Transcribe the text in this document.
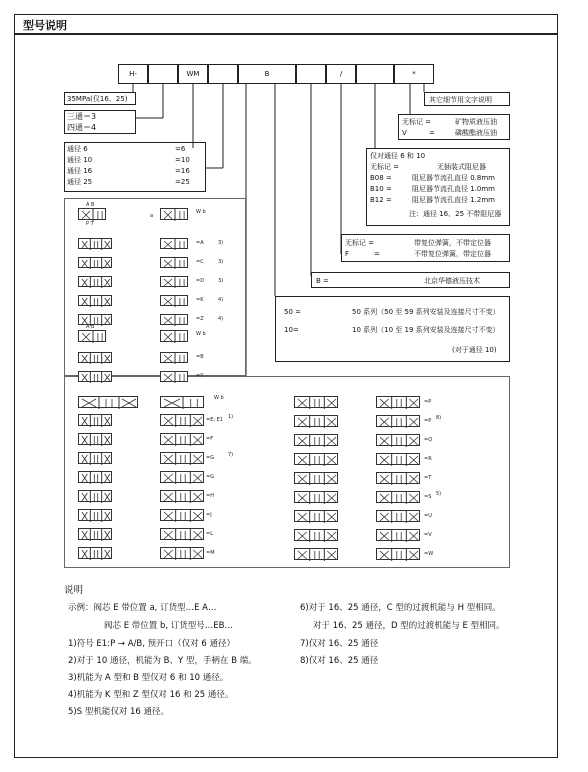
型号说明
H-	WM	B	/	*
35MPa(仅16、25)
三通＝3
四通＝4
通径 6	=6
通径 10	=10
通径 16	=16
通径 25	=25
其它细节用文字说明
无标记 =	矿物质液压油
V	=	磷酸酯液压油
仅对通径 6 和 10
无标记 =	无插装式阻尼器
B08 =	阻尼器节流孔直径 0.8mm
B10 =	阻尼器节流孔直径 1.0mm
B12 =	阻尼器节流孔直径 1.2mm
注：通径 16、25 不带阻尼器
无标记 =	带复位弹簧，不带定位器
F	=	不带复位弹簧，带定位器
B =	北京华德液压技术
50 =	50 系列（50 至 59 系列安装及连接尺寸不变）
10=	10 系列（10 至 19 系列安装及连接尺寸不变）
(对于通径 10)
A B
P T
W b
a
=A	3)
=C	3)
=D	3)
=K	4)
=Z	4)
A B
W b
=B
=Y
W b
=E; E1 1)
=F
=G	7)
=G
=H
=J
=L
=M
=P
=P 8)
=Q
=R
=T
=S 5)
=U
=V
=W
说明
示例：阀芯 E 带位置 a, 订货型…E A…
阀芯 E 带位置 b, 订货型号…EB…
1)符号 E1:P → A/B, 预开口（仅对 6 通径）
2)对于 10 通径，机能为 B、Y 型，手柄在 B 端。
3)机能为 A 型和 B 型仅对 6 和 10 通径。
4)机能为 K 型和 Z 型仅对 16 和 25 通径。
5)S 型机能仅对 16 通径。
6)对于 16、25 通径，C 型的过渡机能与 H 型相同。
对于 16、25 通径，D 型的过渡机能与 E 型相同。
7)仅对 16、25 通径
8)仅对 16、25 通径
